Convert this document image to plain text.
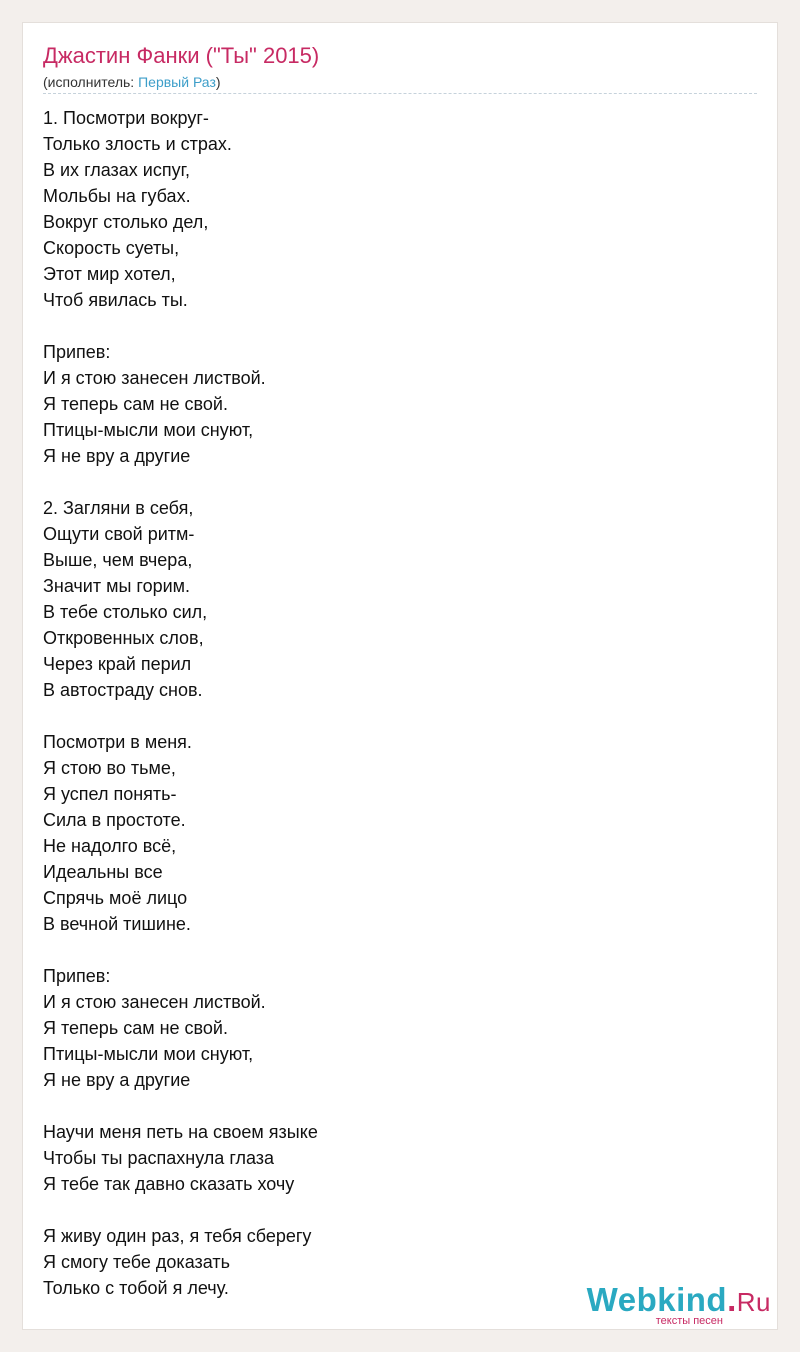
Джастин Фанки ("Ты" 2015)
(исполнитель: Первый Раз)
1. Посмотри вокруг-
Только злость и страх.
В их глазах испуг,
Мольбы на губах.
Вокруг столько дел,
Скорость суеты,
Этот мир хотел,
Чтоб явилась ты.

Припев:
И я стою занесен листвой.
Я теперь сам не свой.
Птицы-мысли мои снуют,
Я не вру а другие

2. Загляни в себя,
Ощути свой ритм-
Выше, чем вчера,
Значит мы горим.
В тебе столько сил,
Откровенных слов,
Через край перил
В автостраду снов.

Посмотри в меня.
Я стою во тьме,
Я успел понять-
Сила в простоте.
Не надолго всё,
Идеальны все
Спрячь моё лицо
В вечной тишине.

Припев:
И я стою занесен листвой.
Я теперь сам не свой.
Птицы-мысли мои снуют,
Я не вру а другие

Научи меня петь на своем языке
Чтобы ты распахнула глаза
Я тебе так давно сказать хочу

Я живу один раз, я тебя сберегу
Я смогу тебе доказать
Только с тобой я лечу.	Webkind.Ru
тексты песен
